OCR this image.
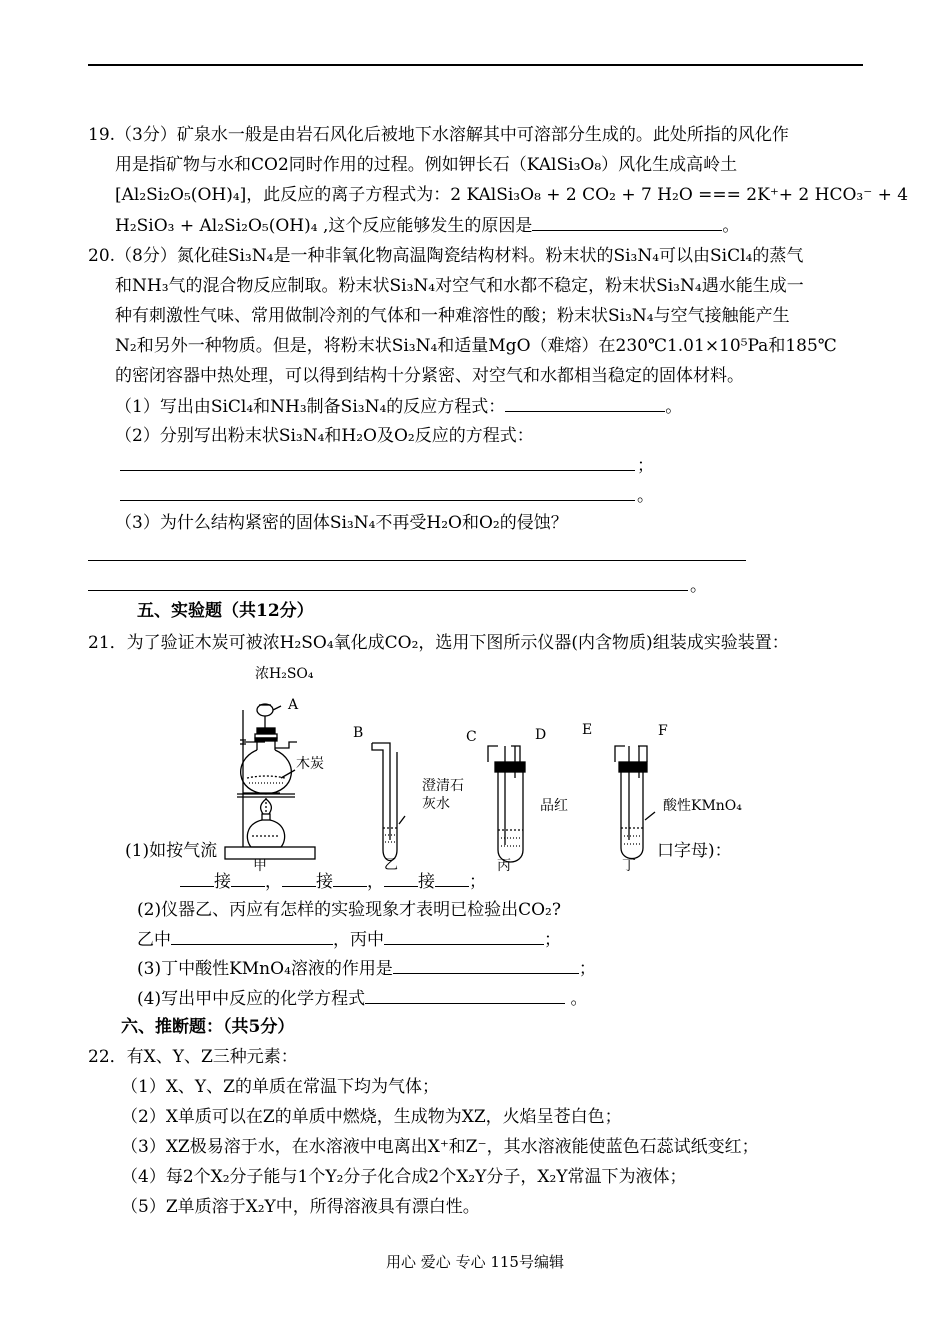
19.（3分）矿泉水一般是由岩石风化后被地下水溶解其中可溶部分生成的。此处所指的风化作
用是指矿物与水和CO2同时作用的过程。例如钾长石（KAlSi₃O₈）风化生成高岭土
[Al₂Si₂O₅(OH)₄]，此反应的离子方程式为：2 KAlSi₃O₈ + 2 CO₂ + 7 H₂O === 2K⁺+ 2 HCO₃⁻ + 4
H₂SiO₃ + Al₂Si₂O₅(OH)₄ ,这个反应能够发生的原因是	。
20.（8分）氮化硅Si₃N₄是一种非氧化物高温陶瓷结构材料。粉末状的Si₃N₄可以由SiCl₄的蒸气
和NH₃气的混合物反应制取。粉末状Si₃N₄对空气和水都不稳定，粉末状Si₃N₄遇水能生成一
种有刺激性气味、常用做制冷剂的气体和一种难溶性的酸；粉末状Si₃N₄与空气接触能产生
N₂和另外一种物质。但是，将粉末状Si₃N₄和适量MgO（难熔）在230℃1.01×10⁵Pa和185℃
的密闭容器中热处理，可以得到结构十分紧密、对空气和水都相当稳定的固体材料。
（1）写出由SiCl₄和NH₃制备Si₃N₄的反应方程式：	。
（2）分别写出粉末状Si₃N₄和H₂O及O₂反应的方程式：
；
。
（3）为什么结构紧密的固体Si₃N₄不再受H₂O和O₂的侵蚀？
。
五、实验题（共12分）
21．为了验证木炭可被浓H₂SO₄氧化成CO₂，选用下图所示仪器(内含物质)组装成实验装置：
浓H₂SO₄
A
B	C	D	E	F
木炭
澄清石
灰水	品红	酸性KMnO₄
甲	乙	丙	丁
(1)如按气流	口字母)：
接 ， 接 ， 接 ；
(2)仪器乙、丙应有怎样的实验现象才表明已检验出CO₂?
乙中	，丙中	；
(3)丁中酸性KMnO₄溶液的作用是	；
(4)写出甲中反应的化学方程式	。
六、推断题：（共5分）
22．有X、Y、Z三种元素：
（1）X、Y、Z的单质在常温下均为气体；
（2）X单质可以在Z的单质中燃烧，生成物为XZ，火焰呈苍白色；
（3）XZ极易溶于水，在水溶液中电离出X⁺和Z⁻，其水溶液能使蓝色石蕊试纸变红；
（4）每2个X₂分子能与1个Y₂分子化合成2个X₂Y分子，X₂Y常温下为液体；
（5）Z单质溶于X₂Y中，所得溶液具有漂白性。
用心 爱心 专心 115号编辑
